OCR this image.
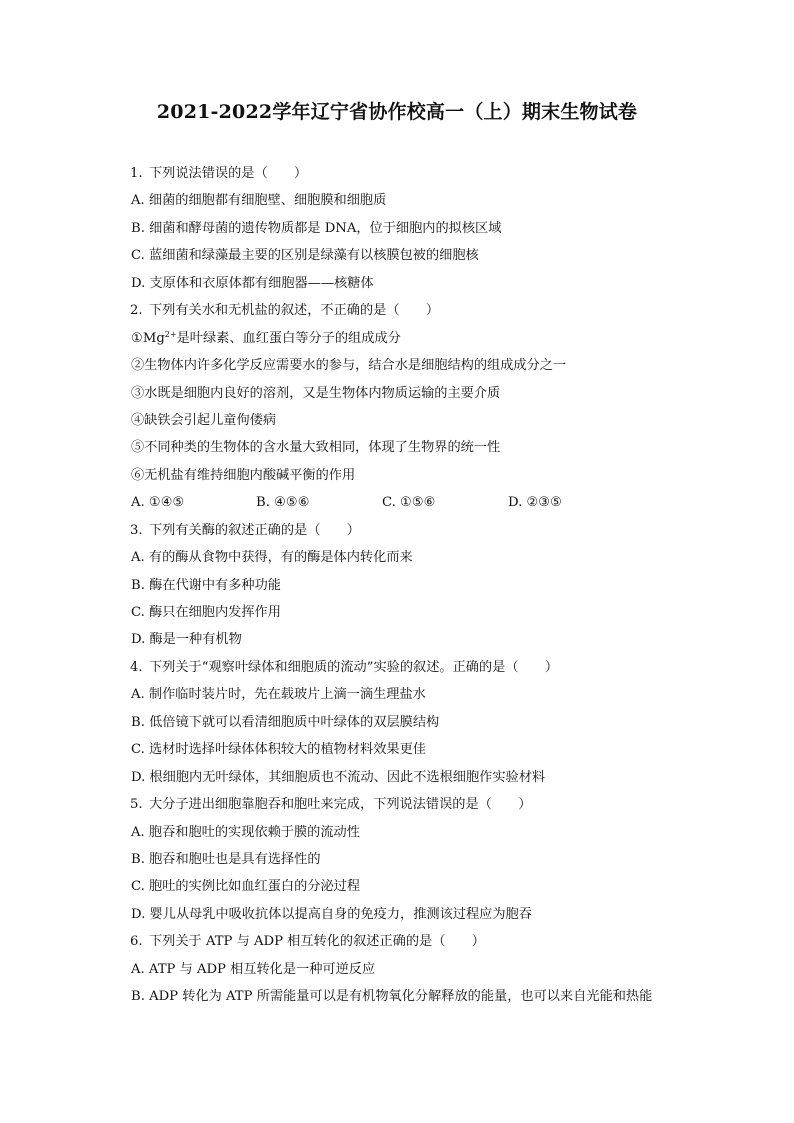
2021-2022学年辽宁省协作校高一（上）期末生物试卷
1. 下列说法错误的是（　　）
A. 细菌的细胞都有细胞壁、细胞膜和细胞质
B. 细菌和酵母菌的遗传物质都是 DNA，位于细胞内的拟核区域
C. 蓝细菌和绿藻最主要的区别是绿藻有以核膜包被的细胞核
D. 支原体和衣原体都有细胞器——核糖体
2. 下列有关水和无机盐的叙述，不正确的是（　　）
$①Mg^{2+}$是叶绿素、血红蛋白等分子的组成成分
②生物体内许多化学反应需要水的参与，结合水是细胞结构的组成成分之一
③水既是细胞内良好的溶剂，又是生物体内物质运输的主要介质
④缺铁会引起儿童佝偻病
⑤不同种类的生物体的含水量大致相同，体现了生物界的统一性
⑥无机盐有维持细胞内酸碱平衡的作用
A. ①④⑤	B. ④⑤⑥	C. ①⑤⑥	D. ②③⑤
3. 下列有关酶的叙述正确的是（　　）
A. 有的酶从食物中获得，有的酶是体内转化而来
B. 酶在代谢中有多种功能
C. 酶只在细胞内发挥作用
D. 酶是一种有机物
4. 下列关于“观察叶绿体和细胞质的流动”实验的叙述。正确的是（　　）
A. 制作临时装片时，先在载玻片上滴一滴生理盐水
B. 低倍镜下就可以看清细胞质中叶绿体的双层膜结构
C. 选材时选择叶绿体体积较大的植物材料效果更佳
D. 根细胞内无叶绿体，其细胞质也不流动、因此不选根细胞作实验材料
5. 大分子进出细胞靠胞吞和胞吐来完成，下列说法错误的是（　　）
A. 胞吞和胞吐的实现依赖于膜的流动性
B. 胞吞和胞吐也是具有选择性的
C. 胞吐的实例比如血红蛋白的分泌过程
D. 婴儿从母乳中吸收抗体以提高自身的免疫力，推测该过程应为胞吞
6. 下列关于 ATP 与 ADP 相互转化的叙述正确的是（　　）
A. ATP 与 ADP 相互转化是一种可逆反应
B. ADP 转化为 ATP 所需能量可以是有机物氧化分解释放的能量，也可以来自光能和热能
